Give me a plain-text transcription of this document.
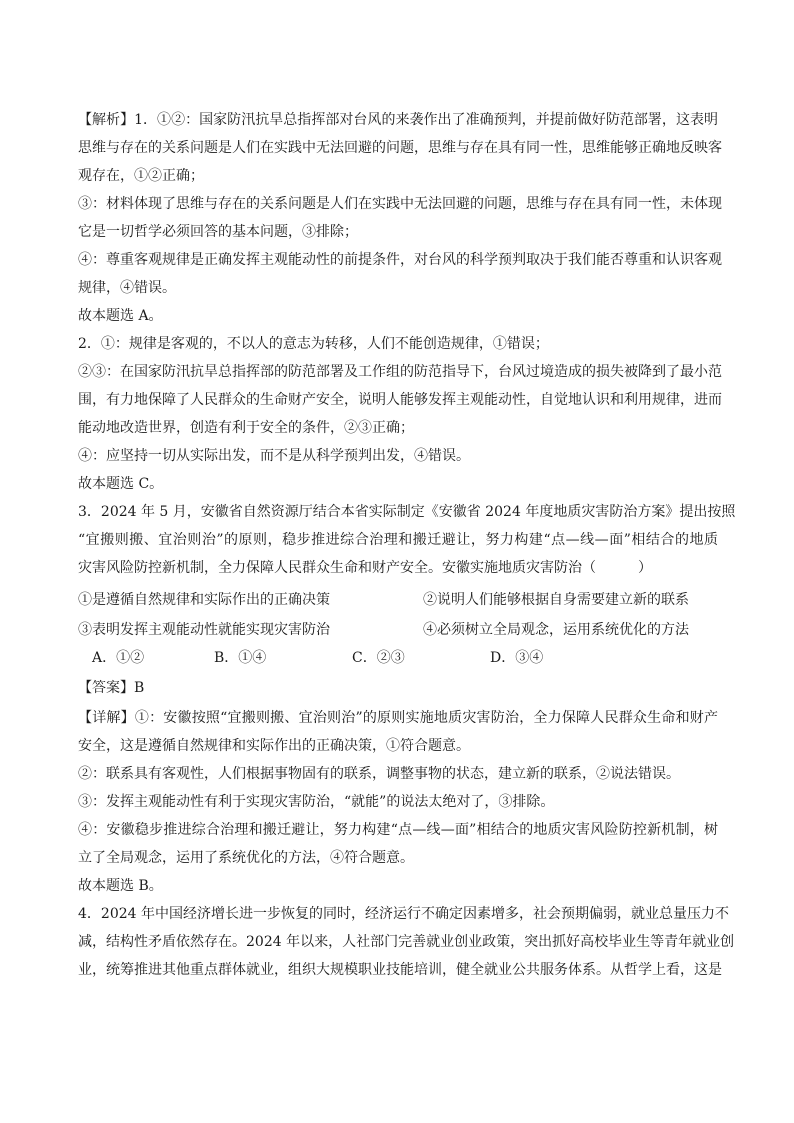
【解析】1．①②：国家防汛抗旱总指挥部对台风的来袭作出了准确预判，并提前做好防范部署，这表明
思维与存在的关系问题是人们在实践中无法回避的问题，思维与存在具有同一性，思维能够正确地反映客
观存在，①②正确；
③：材料体现了思维与存在的关系问题是人们在实践中无法回避的问题，思维与存在具有同一性，未体现
它是一切哲学必须回答的基本问题，③排除；
④：尊重客观规律是正确发挥主观能动性的前提条件，对台风的科学预判取决于我们能否尊重和认识客观
规律，④错误。
故本题选 A。
2．①：规律是客观的，不以人的意志为转移，人们不能创造规律，①错误；
②③：在国家防汛抗旱总指挥部的防范部署及工作组的防范指导下，台风过境造成的损失被降到了最小范
围，有力地保障了人民群众的生命财产安全，说明人能够发挥主观能动性，自觉地认识和利用规律，进而
能动地改造世界，创造有利于安全的条件，②③正确；
④：应坚持一切从实际出发，而不是从科学预判出发，④错误。
故本题选 C。
3．2024 年 5 月，安徽省自然资源厅结合本省实际制定《安徽省 2024 年度地质灾害防治方案》提出按照
“宜搬则搬、宜治则治”的原则，稳步推进综合治理和搬迁避让，努力构建“点—线—面”相结合的地质
灾害风险防控新机制，全力保障人民群众生命和财产安全。安徽实施地质灾害防治（　　　）
①是遵循自然规律和实际作出的正确决策	②说明人们能够根据自身需要建立新的联系
③表明发挥主观能动性就能实现灾害防治	④必须树立全局观念，运用系统优化的方法
A．①②	B．①④	C．②③	D．③④
【答案】B
【详解】①：安徽按照“宜搬则搬、宜治则治”的原则实施地质灾害防治，全力保障人民群众生命和财产
安全，这是遵循自然规律和实际作出的正确决策，①符合题意。
②：联系具有客观性，人们根据事物固有的联系，调整事物的状态，建立新的联系，②说法错误。
③：发挥主观能动性有利于实现灾害防治，“就能”的说法太绝对了，③排除。
④：安徽稳步推进综合治理和搬迁避让，努力构建“点—线—面”相结合的地质灾害风险防控新机制，树
立了全局观念，运用了系统优化的方法，④符合题意。
故本题选 B。
4．2024 年中国经济增长进一步恢复的同时，经济运行不确定因素增多，社会预期偏弱，就业总量压力不
减，结构性矛盾依然存在。2024 年以来，人社部门完善就业创业政策，突出抓好高校毕业生等青年就业创
业，统筹推进其他重点群体就业，组织大规模职业技能培训，健全就业公共服务体系。从哲学上看，这是
